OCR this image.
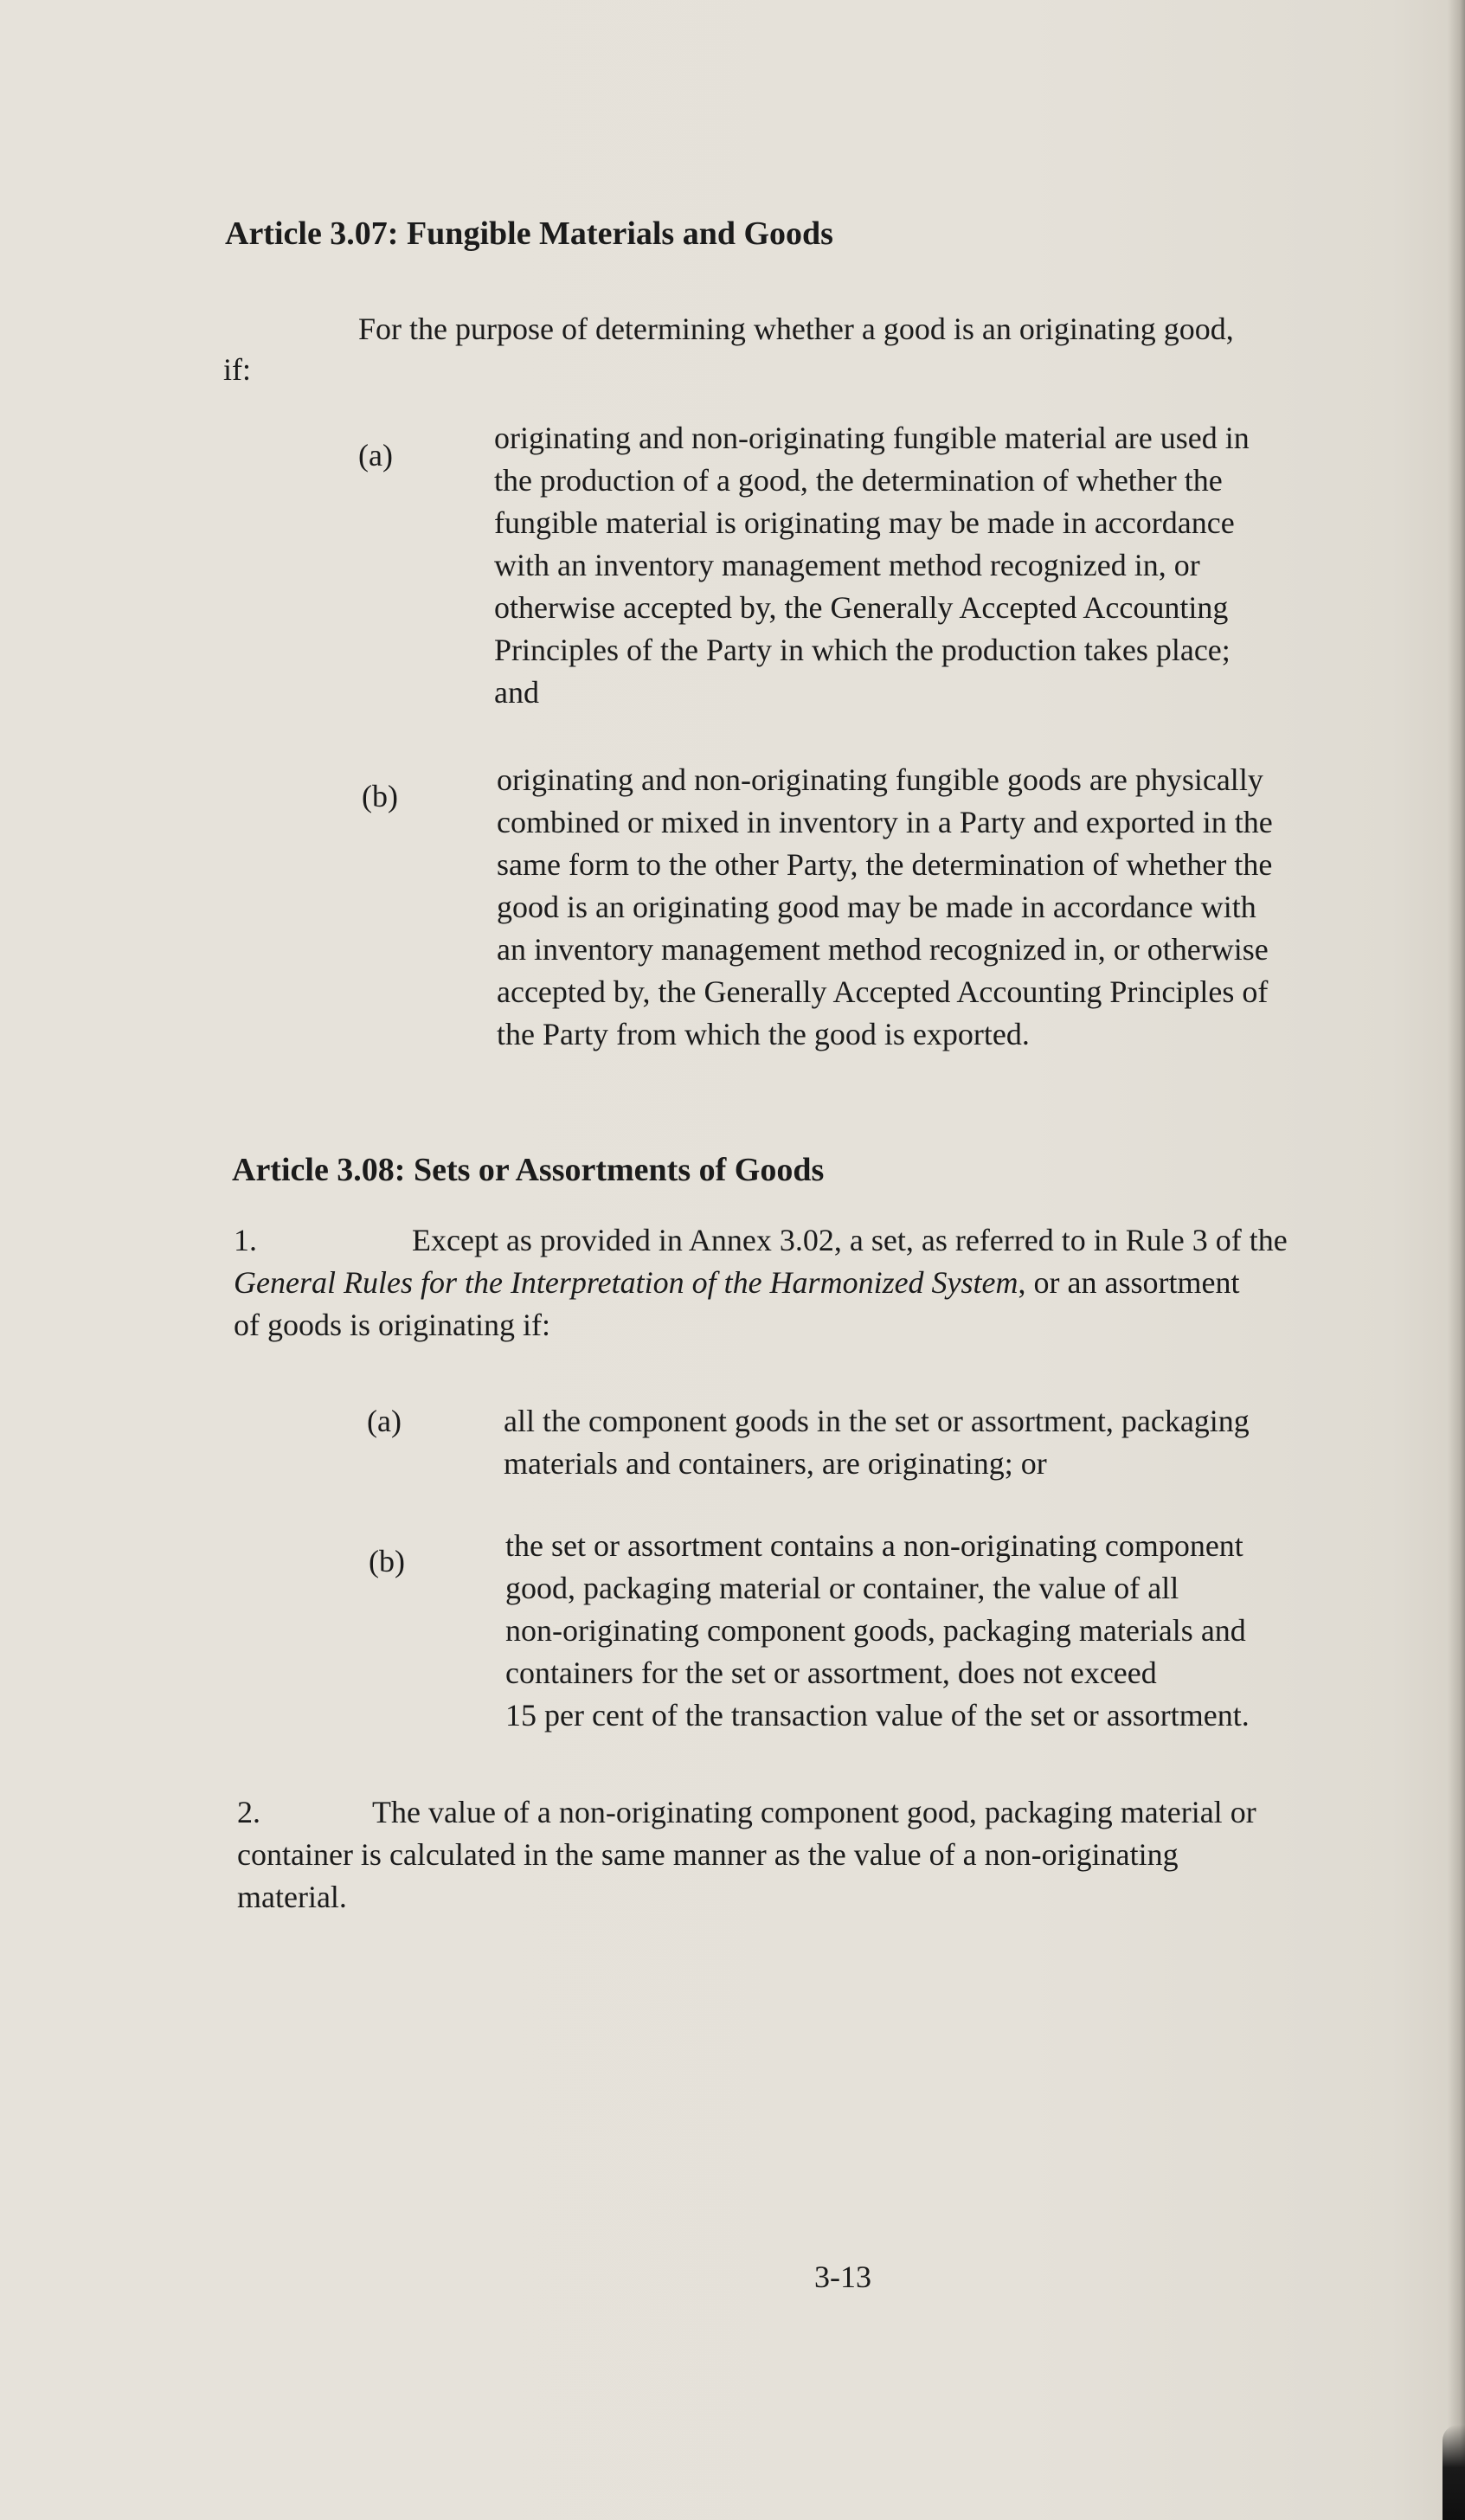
Article 3.07: Fungible Materials and Goods
For the purpose of determining whether a good is an originating good,
if:
(a)	originating and non-originating fungible material are used in
the production of a good, the determination of whether the
fungible material is originating may be made in accordance
with an inventory management method recognized in, or
otherwise accepted by, the Generally Accepted Accounting
Principles of the Party in which the production takes place;
and
(b)	originating and non-originating fungible goods are physically
combined or mixed in inventory in a Party and exported in the
same form to the other Party, the determination of whether the
good is an originating good may be made in accordance with
an inventory management method recognized in, or otherwise
accepted by, the Generally Accepted Accounting Principles of
the Party from which the good is exported.
Article 3.08: Sets or Assortments of Goods
1.	Except as provided in Annex 3.02, a set, as referred to in Rule 3 of the
General Rules for the Interpretation of the Harmonized System, or an assortment
of goods is originating if:
(a)	all the component goods in the set or assortment, packaging
materials and containers, are originating; or
(b)	the set or assortment contains a non-originating component
good, packaging material or container, the value of all
non-originating component goods, packaging materials and
containers for the set or assortment, does not exceed
15 per cent of the transaction value of the set or assortment.
2.	The value of a non-originating component good, packaging material or
container is calculated in the same manner as the value of a non-originating
material.
3-13
